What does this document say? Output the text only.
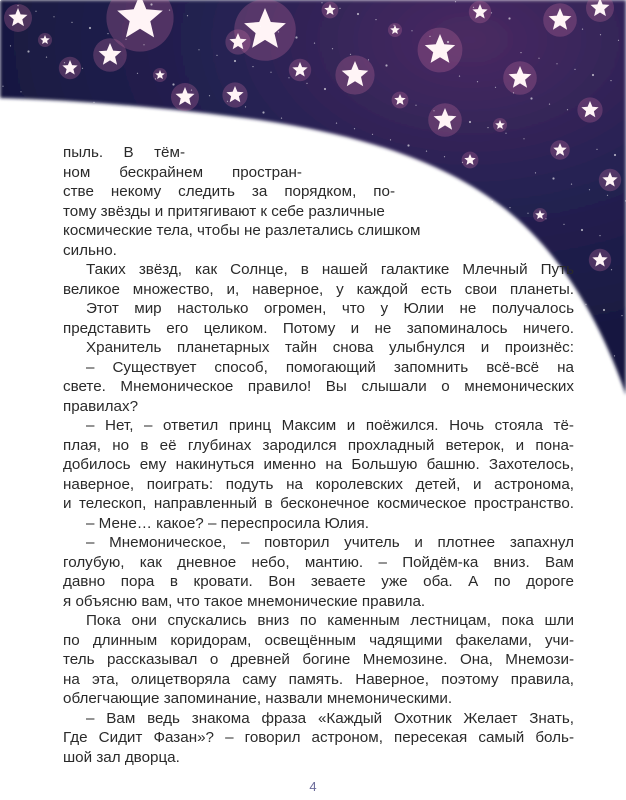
пыль. В тём-
ном бескрайнем простран-
стве некому следить за порядком, по-
тому звёзды и притягивают к себе различные
космические тела, чтобы не разлетались слишком
сильно.
Таких звёзд, как Солнце, в нашей галактике Млечный Путь
великое множество, и, наверное, у каждой есть свои планеты.
Этот мир настолько огромен, что у Юлии не получалось
представить его целиком. Потому и не запоминалось ничего.
Хранитель планетарных тайн снова улыбнулся и произнёс:
– Существует способ, помогающий запомнить всё-всё на
свете. Мнемоническое правило! Вы слышали о мнемонических
правилах?
– Нет, – ответил принц Максим и поёжился. Ночь стояла тё-
плая, но в её глубинах зародился прохладный ветерок, и пона-
добилось ему накинуться именно на Большую башню. Захотелось,
наверное, поиграть: подуть на королевских детей, и астронома,
и телескоп, направленный в бесконечное космическое пространство.
– Мене… какое? – переспросила Юлия.
– Мнемоническое, – повторил учитель и плотнее запахнул
голубую, как дневное небо, мантию. – Пойдём-ка вниз. Вам
давно пора в кровати. Вон зеваете уже оба. А по дороге
я объясню вам, что такое мнемонические правила.
Пока они спускались вниз по каменным лестницам, пока шли
по длинным коридорам, освещённым чадящими факелами, учи-
тель рассказывал о древней богине Мнемозине. Она, Мнемози-
на эта, олицетворяла саму память. Наверное, поэтому правила,
облегчающие запоминание, назвали мнемоническими.
– Вам ведь знакома фраза «Каждый Охотник Желает Знать,
Где Сидит Фазан»? – говорил астроном, пересекая самый боль-
шой зал дворца.
4
